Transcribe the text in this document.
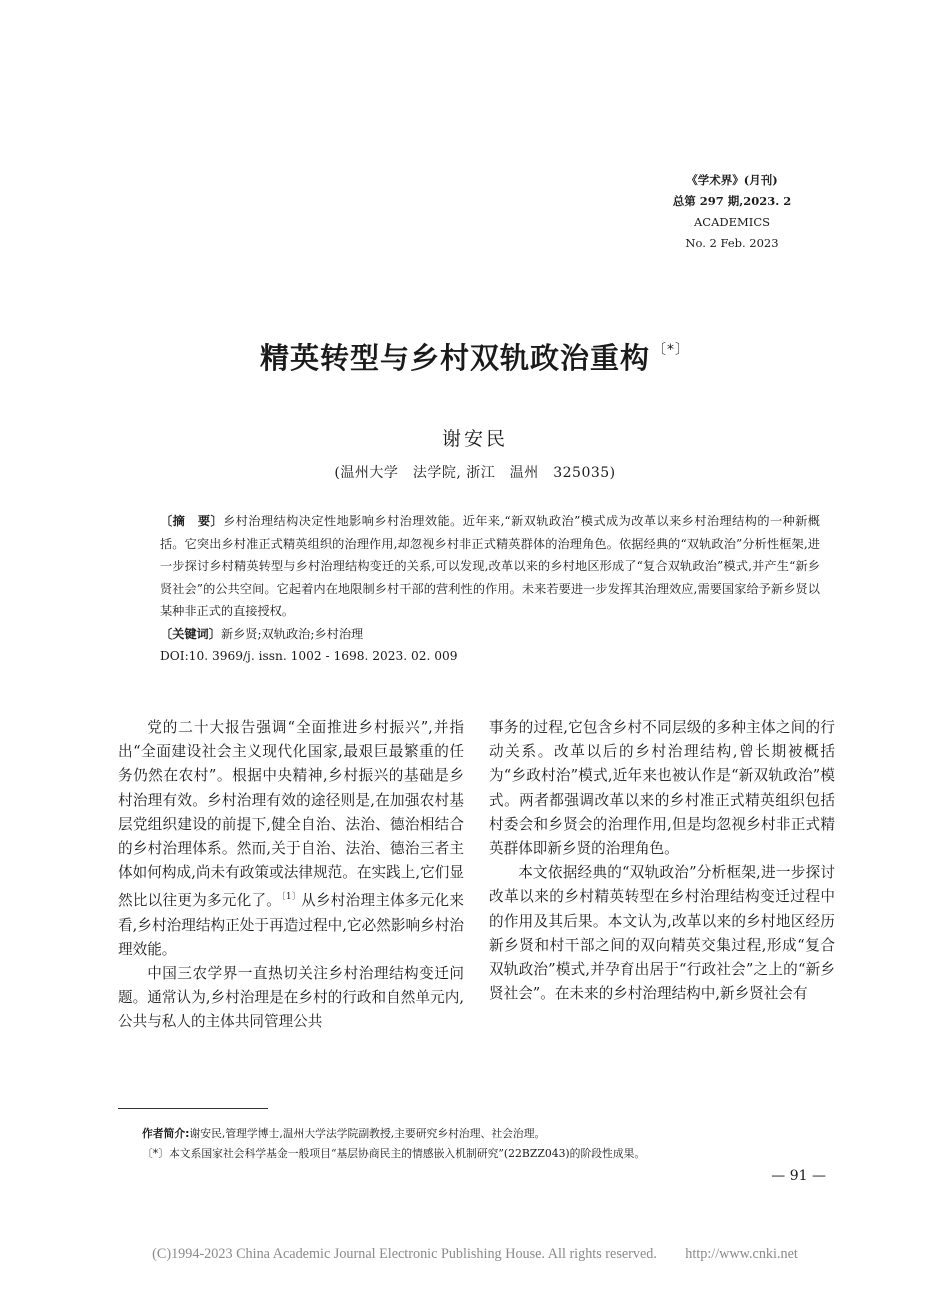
《学术界》(月刊)
总第 297 期,2023. 2
ACADEMICS
No. 2 Feb. 2023
精英转型与乡村双轨政治重构 〔*〕
谢安民
(温州大学　法学院, 浙江　温州　325035)

〔摘　要〕乡村治理结构决定性地影响乡村治理效能。近年来,“新双轨政治”模式成为改革以来乡村治理结构的一种新概括。它突出乡村准正式精英组织的治理作用,却忽视乡村非正式精英群体的治理角色。依据经典的“双轨政治”分析性框架,进一步探讨乡村精英转型与乡村治理结构变迁的关系,可以发现,改革以来的乡村地区形成了“复合双轨政治”模式,并产生“新乡贤社会”的公共空间。它起着内在地限制乡村干部的营利性的作用。未来若要进一步发挥其治理效应,需要国家给予新乡贤以某种非正式的直接授权。

〔关键词〕新乡贤;双轨政治;乡村治理

DOI:10. 3969/j. issn. 1002 - 1698. 2023. 02. 009

党的二十大报告强调“全面推进乡村振兴”,并指出“全面建设社会主义现代化国家,最艰巨最繁重的任务仍然在农村”。根据中央精神,乡村振兴的基础是乡村治理有效。乡村治理有效的途径则是,在加强农村基层党组织建设的前提下,健全自治、法治、德治相结合的乡村治理体系。然而,关于自治、法治、德治三者主体如何构成,尚未有政策或法律规范。在实践上,它们显然比以往更为多元化了。$^{〔1〕}$从乡村治理主体多元化来看,乡村治理结构正处于再造过程中,它必然影响乡村治理效能。

中国三农学界一直热切关注乡村治理结构变迁问题。通常认为,乡村治理是在乡村的行政和自然单元内,公共与私人的主体共同管理公共

事务的过程,它包含乡村不同层级的多种主体之间的行动关系。改革以后的乡村治理结构,曾长期被概括为“乡政村治”模式,近年来也被认作是“新双轨政治”模式。两者都强调改革以来的乡村准正式精英组织包括村委会和乡贤会的治理作用,但是均忽视乡村非正式精英群体即新乡贤的治理角色。

本文依据经典的“双轨政治”分析框架,进一步探讨改革以来的乡村精英转型在乡村治理结构变迁过程中的作用及其后果。本文认为,改革以来的乡村地区经历新乡贤和村干部之间的双向精英交集过程,形成“复合双轨政治”模式,并孕育出居于“行政社会”之上的“新乡贤社会”。在未来的乡村治理结构中,新乡贤社会有

作者简介:谢安民,管理学博士,温州大学法学院副教授,主要研究乡村治理、社会治理。
〔*〕本文系国家社会科学基金一般项目“基层协商民主的情感嵌入机制研究”(22BZZ043)的阶段性成果。
— 91 —
(C)1994-2023 China Academic Journal Electronic Publishing House. All rights reserved.　　http://www.cnki.net
